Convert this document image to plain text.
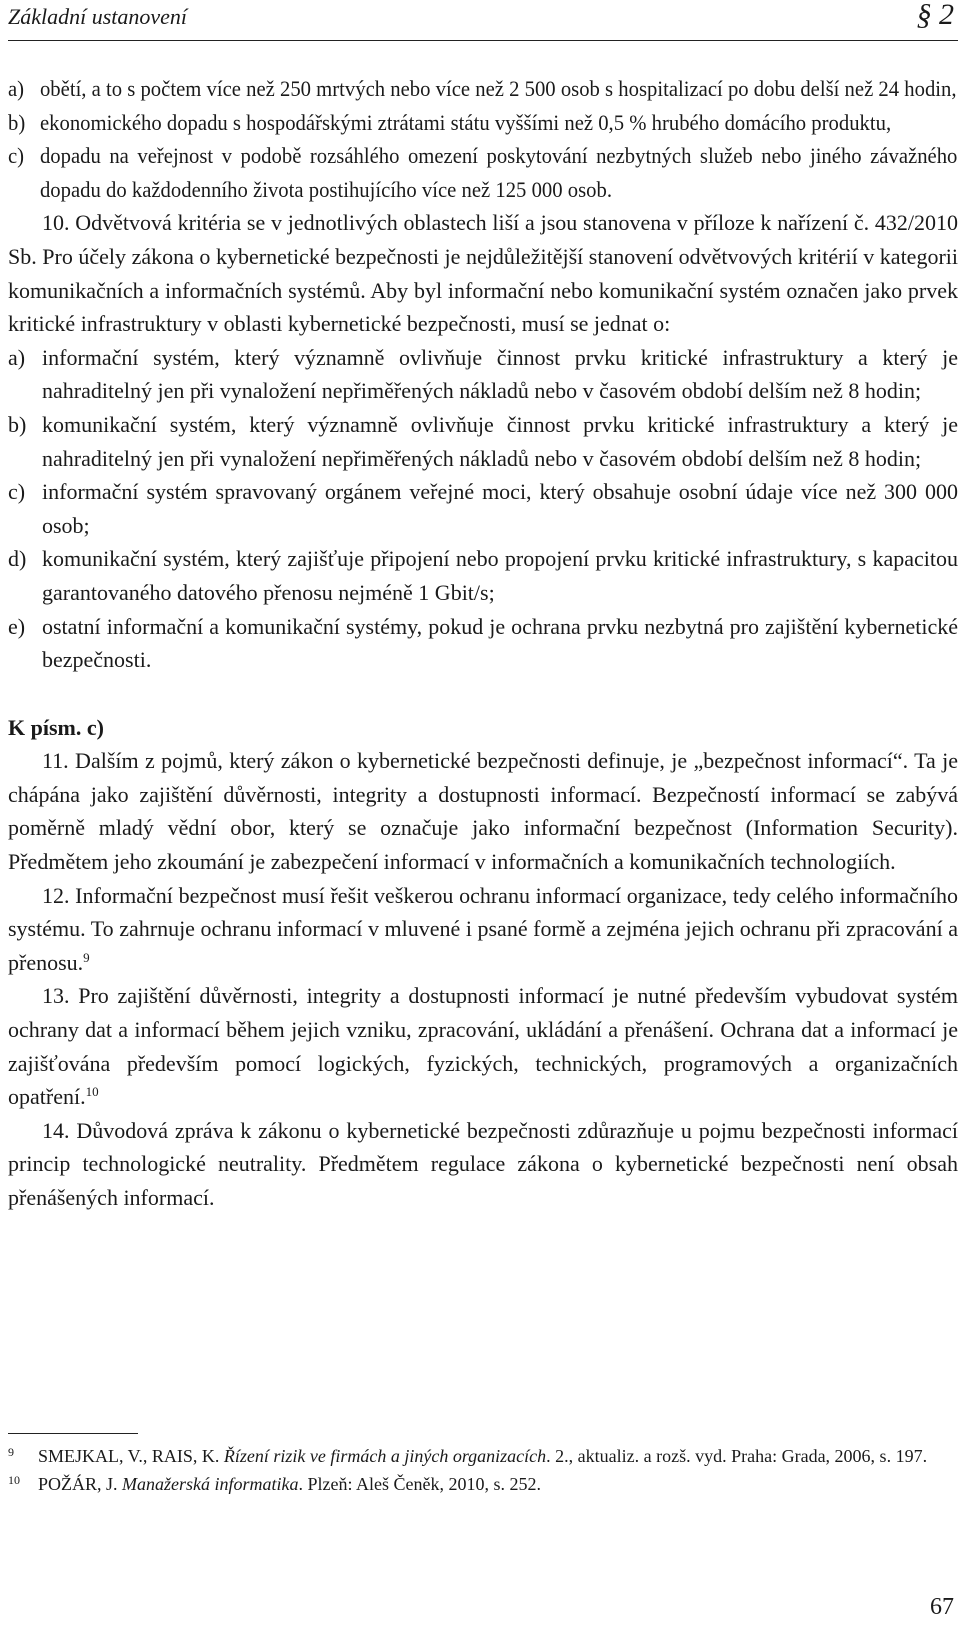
Základní ustanovení	§ 2
a) obětí, a to s počtem více než 250 mrtvých nebo více než 2 500 osob s hospitalizací po dobu delší než 24 hodin,
b) ekonomického dopadu s hospodářskými ztrátami státu vyššími než 0,5 % hrubého domácího produktu,
c) dopadu na veřejnost v podobě rozsáhlého omezení poskytování nezbytných služeb nebo jiného závažného dopadu do každodenního života postihujícího více než 125 000 osob.

10. Odvětvová kritéria se v jednotlivých oblastech liší a jsou stanovena v příloze k nařízení č. 432/2010 Sb. Pro účely zákona o kybernetické bezpečnosti je nejdůležitější stanovení odvětvových kritérií v kategorii komunikačních a informačních systémů. Aby byl informační nebo komunikační systém označen jako prvek kritické infrastruktury v oblasti kybernetické bezpečnosti, musí se jednat o:

a) informační systém, který významně ovlivňuje činnost prvku kritické infrastruktury a který je nahraditelný jen při vynaložení nepřiměřených nákladů nebo v časovém období delším než 8 hodin;
b) komunikační systém, který významně ovlivňuje činnost prvku kritické infrastruktury a který je nahraditelný jen při vynaložení nepřiměřených nákladů nebo v časovém období delším než 8 hodin;
c) informační systém spravovaný orgánem veřejné moci, který obsahuje osobní údaje více než 300 000 osob;
d) komunikační systém, který zajišťuje připojení nebo propojení prvku kritické infrastruktury, s kapacitou garantovaného datového přenosu nejméně 1 Gbit/s;
e) ostatní informační a komunikační systémy, pokud je ochrana prvku nezbytná pro zajištění kybernetické bezpečnosti.

K písm. c)

11. Dalším z pojmů, který zákon o kybernetické bezpečnosti definuje, je „bezpečnost informací“. Ta je chápána jako zajištění důvěrnosti, integrity a dostupnosti informací. Bezpečností informací se zabývá poměrně mladý vědní obor, který se označuje jako informační bezpečnost (Information Security). Předmětem jeho zkoumání je zabezpečení informací v informačních a komunikačních technologiích.

12. Informační bezpečnost musí řešit veškerou ochranu informací organizace, tedy celého informačního systému. To zahrnuje ochranu informací v mluvené i psané formě a zejména jejich ochranu při zpracování a přenosu.$^9$

13. Pro zajištění důvěrnosti, integrity a dostupnosti informací je nutné především vybudovat systém ochrany dat a informací během jejich vzniku, zpracování, ukládání a přenášení. Ochrana dat a informací je zajišťována především pomocí logických, fyzických, technických, programových a organizačních opatření.$^{10}$

14. Důvodová zpráva k zákonu o kybernetické bezpečnosti zdůrazňuje u pojmu bezpečnosti informací princip technologické neutrality. Předmětem regulace zákona o kybernetické bezpečnosti není obsah přenášených informací.

9	SMEJKAL, V., RAIS, K. Řízení rizik ve firmách a jiných organizacích. 2., aktualiz. a rozš. vyd. Praha: Grada, 2006, s. 197.
10	POŽÁR, J. Manažerská informatika. Plzeň: Aleš Čeněk, 2010, s. 252.
67
